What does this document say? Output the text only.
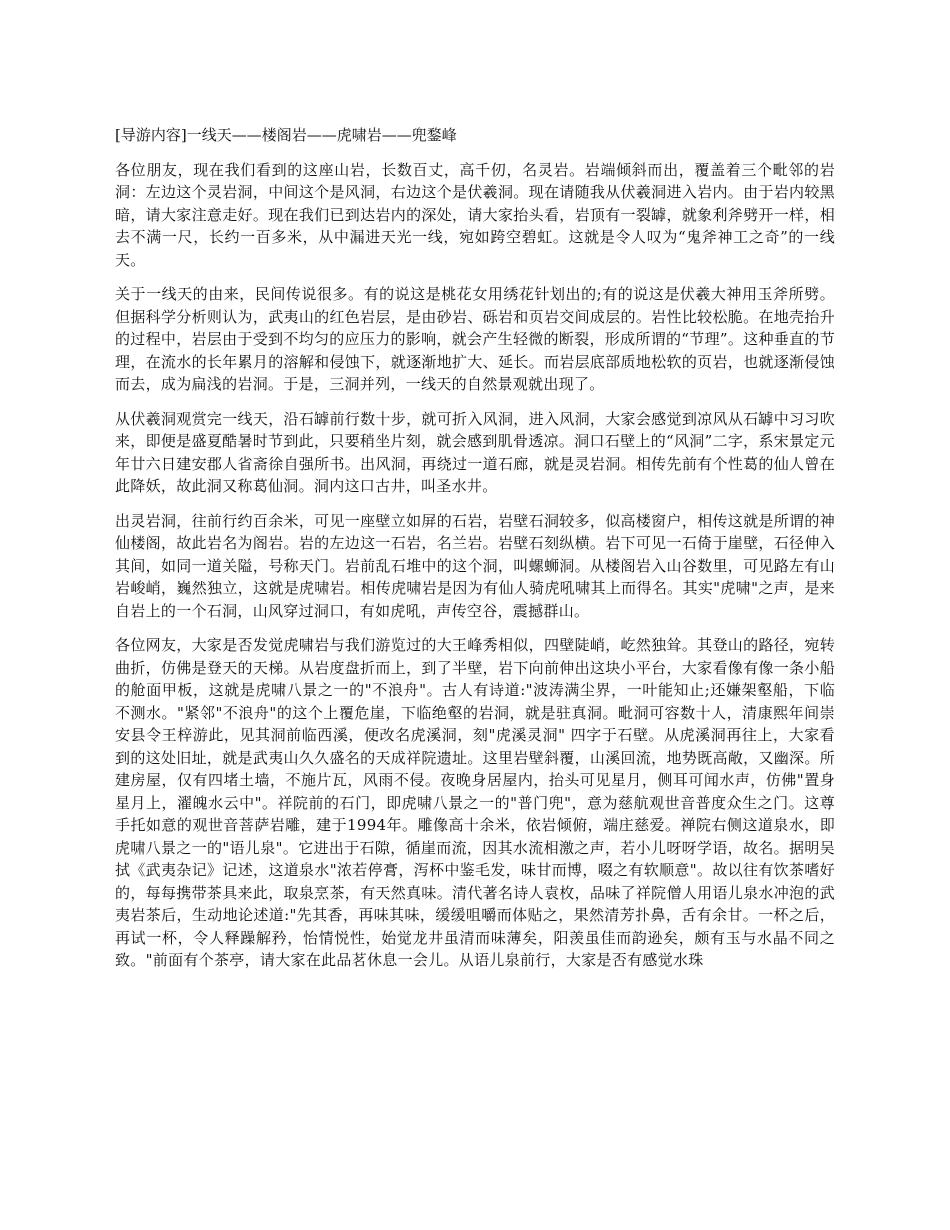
[导游内容]一线天——楼阁岩——虎啸岩——兜鍪峰

各位朋友，现在我们看到的这座山岩，长数百丈，高千仞，名灵岩。岩端倾斜而出，覆盖着三个毗邻的岩洞：左边这个灵岩洞，中间这个是风洞，右边这个是伏羲洞。现在请随我从伏羲洞进入岩内。由于岩内较黑暗，请大家注意走好。现在我们已到达岩内的深处，请大家抬头看，岩顶有一裂罅，就象利斧劈开一样，相去不满一尺，长约一百多米，从中漏进天光一线，宛如跨空碧虹。这就是令人叹为“鬼斧神工之奇”的一线天。

关于一线天的由来，民间传说很多。有的说这是桃花女用绣花针划出的;有的说这是伏羲大神用玉斧所劈。但据科学分析则认为，武夷山的红色岩层，是由砂岩、砾岩和页岩交间成层的。岩性比较松脆。在地壳抬升的过程中，岩层由于受到不均匀的应压力的影响，就会产生轻微的断裂，形成所谓的“节理”。这种垂直的节理，在流水的长年累月的溶解和侵蚀下，就逐渐地扩大、延长。而岩层底部质地松软的页岩，也就逐渐侵蚀而去，成为扁浅的岩洞。于是，三洞并列，一线天的自然景观就出现了。

从伏羲洞观赏完一线天，沿石罅前行数十步，就可折入风洞，进入风洞，大家会感觉到凉风从石罅中习习吹来，即便是盛夏酷暑时节到此，只要稍坐片刻，就会感到肌骨透凉。洞口石壁上的“风洞”二字，系宋景定元年廿六日建安郡人省斋徐自强所书。出风洞，再绕过一道石廊，就是灵岩洞。相传先前有个性葛的仙人曾在此降妖，故此洞又称葛仙洞。洞内这口古井，叫圣水井。

出灵岩洞，往前行约百余米，可见一座壁立如屏的石岩，岩壁石洞较多，似高楼窗户，相传这就是所谓的神仙楼阁，故此岩名为阁岩。岩的左边这一石岩，名兰岩。岩壁石刻纵横。岩下可见一石倚于崖壁，石径伸入其间，如同一道关隘，号称天门。岩前乱石堆中的这个洞，叫螺蛳洞。从楼阁岩入山谷数里，可见路左有山岩峻峭，巍然独立，这就是虎啸岩。相传虎啸岩是因为有仙人骑虎吼啸其上而得名。其实"虎啸"之声，是来自岩上的一个石洞，山风穿过洞口，有如虎吼，声传空谷，震撼群山。

各位网友，大家是否发觉虎啸岩与我们游览过的大王峰秀相似，四壁陡峭，屹然独耸。其登山的路径，宛转曲折，仿佛是登天的天梯。从岩度盘折而上，到了半壁，岩下向前伸出这块小平台，大家看像有像一条小船的舱面甲板，这就是虎啸八景之一的"不浪舟"。古人有诗道:"波涛满尘界，一叶能知止;还嫌架壑船，下临不测水。"紧邻"不浪舟"的这个上覆危崖，下临绝壑的岩洞，就是驻真洞。毗洞可容数十人，清康熙年间崇安县令王梓游此，见其洞前临西溪，便改名虎溪洞，刻"虎溪灵洞" 四字于石壁。从虎溪洞再往上，大家看到的这处旧址，就是武夷山久久盛名的天成祥院遗址。这里岩壁斜覆，山溪回流，地势既高敞，又幽深。所建房屋，仅有四堵土墙，不施片瓦，风雨不侵。夜晚身居屋内，抬头可见星月，侧耳可闻水声，仿佛"置身星月上，濯魄水云中"。祥院前的石门，即虎啸八景之一的"普门兜"，意为慈航观世音普度众生之门。这尊手托如意的观世音菩萨岩雕，建于1994年。雕像高十余米，依岩倾俯，端庄慈爱。禅院右侧这道泉水，即虎啸八景之一的"语儿泉"。它进出于石隙，循崖而流，因其水流相激之声，若小儿呀呀学语，故名。据明吴拭《武夷杂记》记述，这道泉水"浓若停膏，泻杯中鉴毛发，味甘而博，啜之有软顺意"。故以往有饮茶嗜好的，每每携带茶具来此，取泉烹茶，有天然真味。清代著名诗人袁枚，品味了祥院僧人用语儿泉水冲泡的武夷岩茶后，生动地论述道:"先其香，再味其味，缓缓咀嚼而体贴之，果然清芳扑鼻，舌有余甘。一杯之后，再试一杯，令人释躁解矜，怡情悦性，始觉龙井虽清而味薄矣，阳羡虽佳而韵逊矣，颇有玉与水晶不同之致。"前面有个茶亭，请大家在此品茗休息一会儿。从语儿泉前行，大家是否有感觉水珠
